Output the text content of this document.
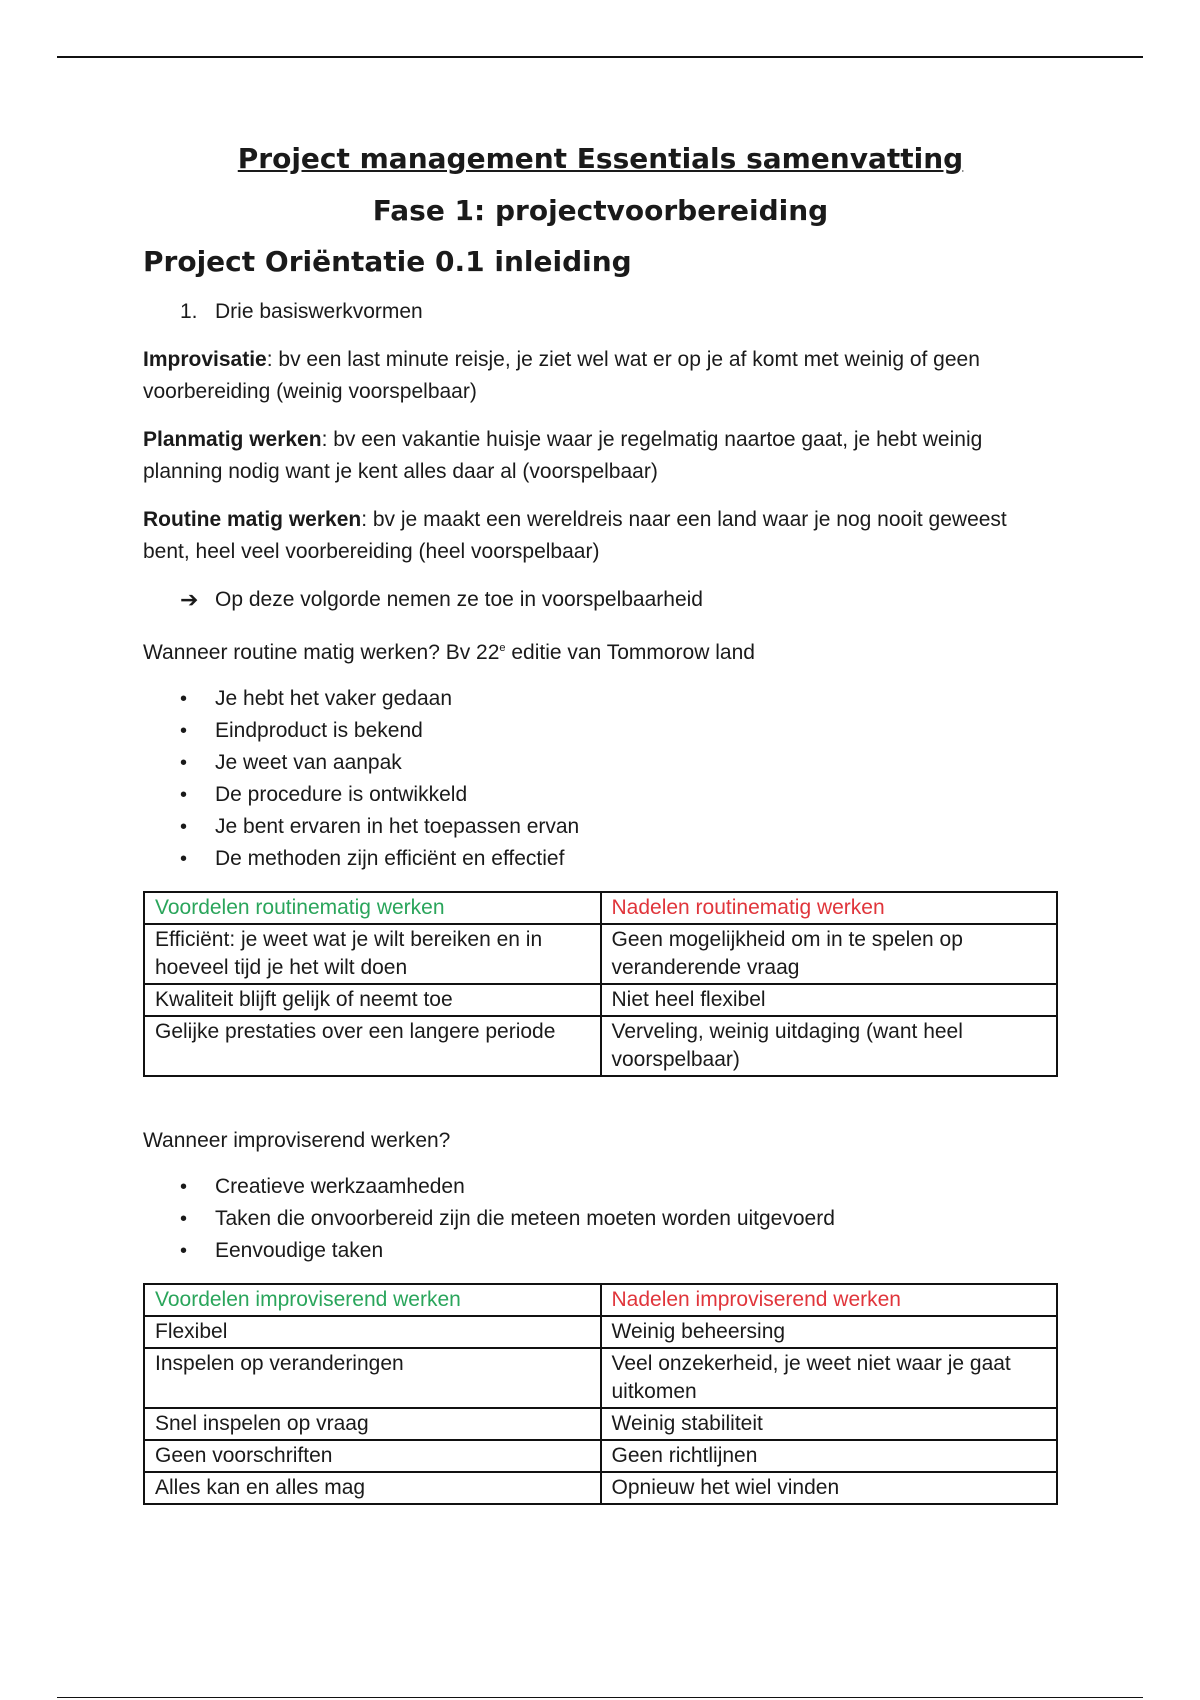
Project management Essentials samenvatting
Fase 1: projectvoorbereiding
Project Oriëntatie 0.1 inleiding
1. Drie basiswerkvormen

Improvisatie: bv een last minute reisje, je ziet wel wat er op je af komt met weinig of geen voorbereiding (weinig voorspelbaar)

Planmatig werken: bv een vakantie huisje waar je regelmatig naartoe gaat, je hebt weinig planning nodig want je kent alles daar al (voorspelbaar)

Routine matig werken: bv je maakt een wereldreis naar een land waar je nog nooit geweest bent, heel veel voorbereiding (heel voorspelbaar)

➔ Op deze volgorde nemen ze toe in voorspelbaarheid

Wanneer routine matig werken? Bv 22e editie van Tommorow land

•	Je hebt het vaker gedaan
•	Eindproduct is bekend
•	Je weet van aanpak
•	De procedure is ontwikkeld
•	Je bent ervaren in het toepassen ervan
•	De methoden zijn efficiënt en effectief
Voordelen routinematig werken	Nadelen routinematig werken
Efficiënt: je weet wat je wilt bereiken en in hoeveel tijd je het wilt doen	Geen mogelijkheid om in te spelen op veranderende vraag
Kwaliteit blijft gelijk of neemt toe	Niet heel flexibel
Gelijke prestaties over een langere periode	Verveling, weinig uitdaging (want heel voorspelbaar)

Wanneer improviserend werken?

•	Creatieve werkzaamheden
•	Taken die onvoorbereid zijn die meteen moeten worden uitgevoerd
•	Eenvoudige taken
Voordelen improviserend werken	Nadelen improviserend werken
Flexibel	Weinig beheersing
Inspelen op veranderingen	Veel onzekerheid, je weet niet waar je gaat uitkomen
Snel inspelen op vraag	Weinig stabiliteit
Geen voorschriften	Geen richtlijnen
Alles kan en alles mag	Opnieuw het wiel vinden
